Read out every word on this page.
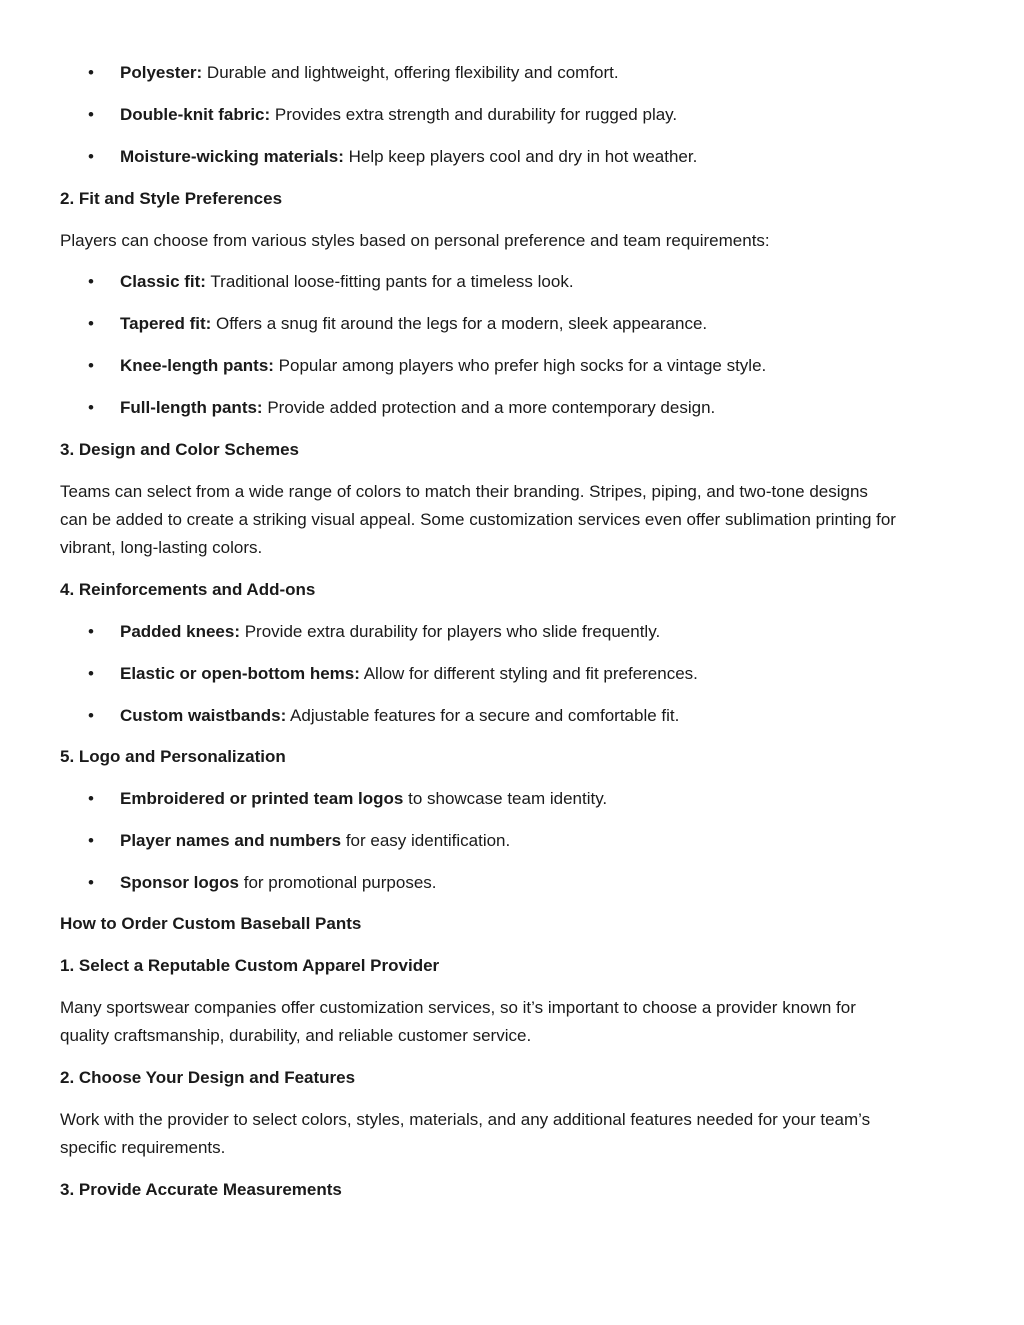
•	Polyester: Durable and lightweight, offering flexibility and comfort.
•	Double-knit fabric: Provides extra strength and durability for rugged play.
•	Moisture-wicking materials: Help keep players cool and dry in hot weather.
2. Fit and Style Preferences
Players can choose from various styles based on personal preference and team requirements:
•	Classic fit: Traditional loose-fitting pants for a timeless look.
•	Tapered fit: Offers a snug fit around the legs for a modern, sleek appearance.
•	Knee-length pants: Popular among players who prefer high socks for a vintage style.
•	Full-length pants: Provide added protection and a more contemporary design.
3. Design and Color Schemes
Teams can select from a wide range of colors to match their branding. Stripes, piping, and two-tone designs
can be added to create a striking visual appeal. Some customization services even offer sublimation printing for
vibrant, long-lasting colors.
4. Reinforcements and Add-ons
•	Padded knees: Provide extra durability for players who slide frequently.
•	Elastic or open-bottom hems: Allow for different styling and fit preferences.
•	Custom waistbands: Adjustable features for a secure and comfortable fit.
5. Logo and Personalization
•	Embroidered or printed team logos to showcase team identity.
•	Player names and numbers for easy identification.
•	Sponsor logos for promotional purposes.
How to Order Custom Baseball Pants
1. Select a Reputable Custom Apparel Provider
Many sportswear companies offer customization services, so it’s important to choose a provider known for
quality craftsmanship, durability, and reliable customer service.
2. Choose Your Design and Features
Work with the provider to select colors, styles, materials, and any additional features needed for your team’s
specific requirements.
3. Provide Accurate Measurements
